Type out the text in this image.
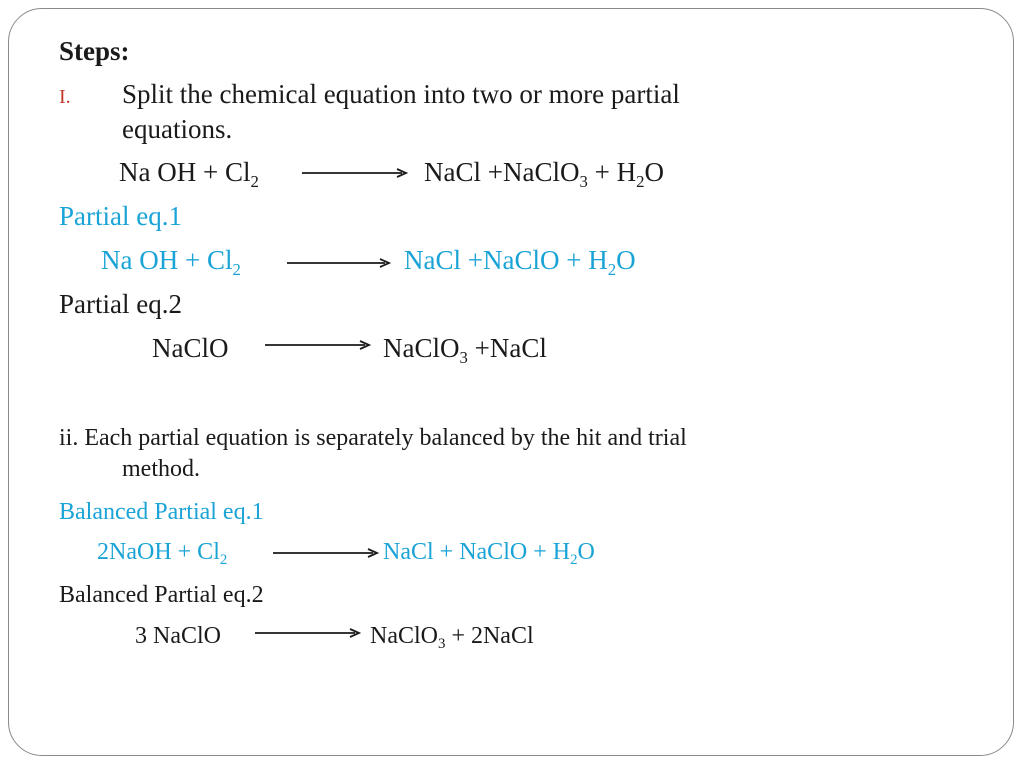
Steps:
I. Split the chemical equation into two or more partial
equations.
Na OH + $Cl_2$	NaCl +NaClO$_3$ + $H_2O$
Partial eq.1
Na OH + $Cl_2$	NaCl +NaClO + $H_2O$
Partial eq.2
NaClO	NaClO$_3$ +NaCl
ii. Each partial equation is separately balanced by the hit and trial
method.
Balanced Partial eq.1
2NaOH + $Cl_2$	NaCl + NaClO + $H_2O$
Balanced Partial eq.2
3 NaClO	NaClO$_3$ + 2NaCl
